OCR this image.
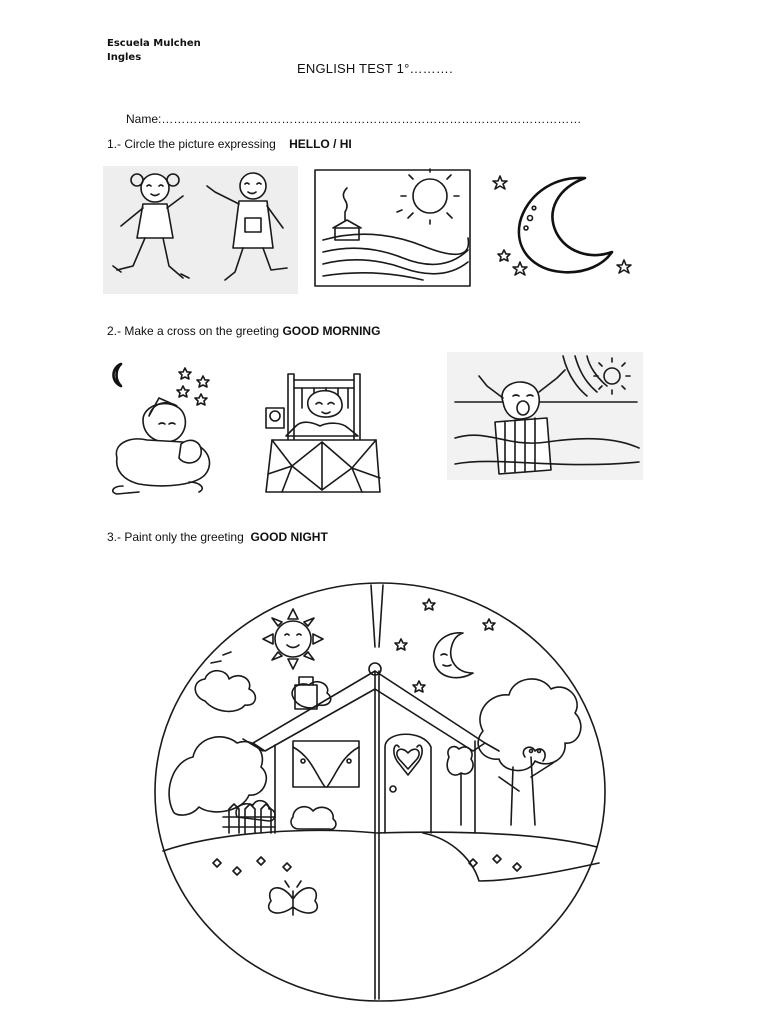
Escuela Mulchen
Ingles
ENGLISH TEST 1°……….
Name:……………………………………………………………………………………………
1.- Circle the picture expressing HELLO / HI
2.- Make a cross on the greeting GOOD MORNING
3.- Paint only the greeting GOOD NIGHT
